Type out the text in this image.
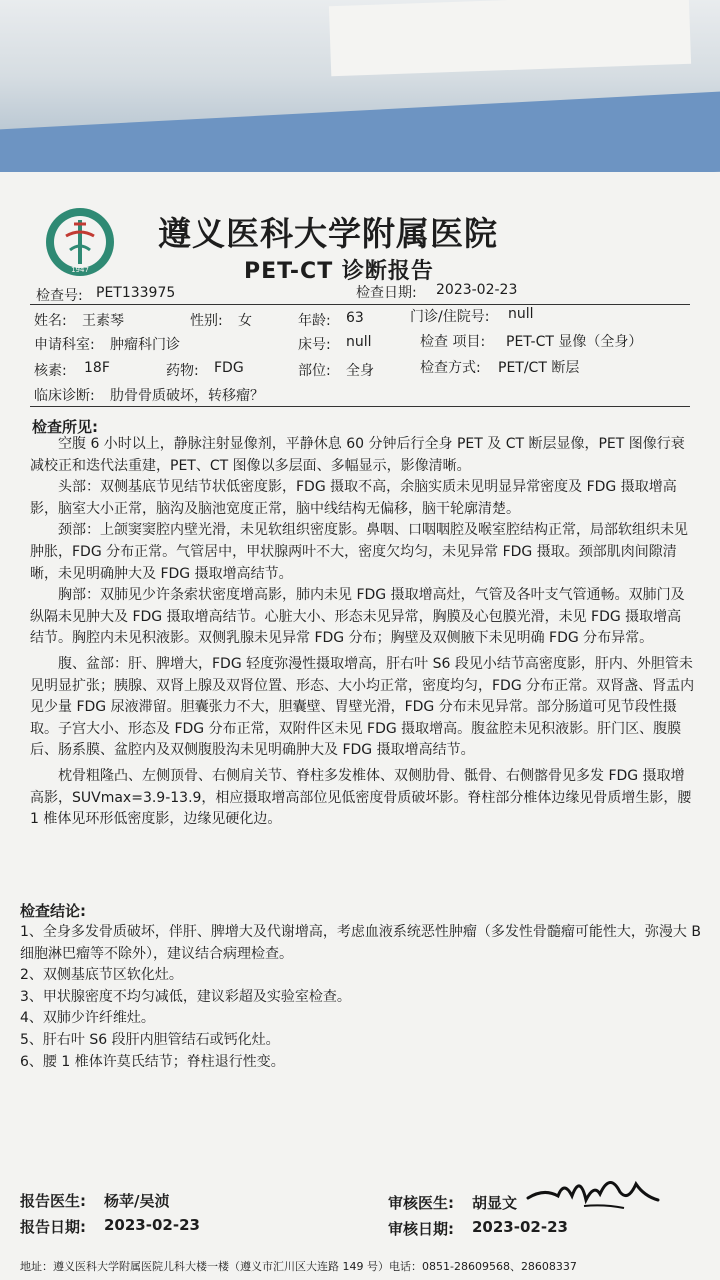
1947
遵义医科大学附属医院
PET-CT 诊断报告
检查号: PET133975	检查日期: 2023-02-23
姓名: 王素琴	性别: 女	年龄: 63	门诊/住院号: null
申请科室: 肿瘤科门诊	床号: null	检查 项目: PET-CT 显像（全身）
核素: 18F	药物: FDG	部位: 全身	检查方式: PET/CT 断层
临床诊断: 肋骨骨质破坏，转移瘤？
检查所见:

空腹 6 小时以上，静脉注射显像剂，平静休息 60 分钟后行全身 PET 及 CT 断层显像，PET 图像行衰减校正和迭代法重建，PET、CT 图像以多层面、多幅显示，影像清晰。

头部：双侧基底节见结节状低密度影，FDG 摄取不高，余脑实质未见明显异常密度及 FDG 摄取增高影，脑室大小正常，脑沟及脑池宽度正常，脑中线结构无偏移，脑干轮廓清楚。

颈部：上颌窦窦腔内壁光滑，未见软组织密度影。鼻咽、口咽咽腔及喉室腔结构正常，局部软组织未见肿胀，FDG 分布正常。气管居中，甲状腺两叶不大，密度欠均匀，未见异常 FDG 摄取。颈部肌肉间隙清晰，未见明确肿大及 FDG 摄取增高结节。

胸部：双肺见少许条索状密度增高影，肺内未见 FDG 摄取增高灶，气管及各叶支气管通畅。双肺门及纵隔未见肿大及 FDG 摄取增高结节。心脏大小、形态未见异常，胸膜及心包膜光滑，未见 FDG 摄取增高结节。胸腔内未见积液影。双侧乳腺未见异常 FDG 分布；胸壁及双侧腋下未见明确 FDG 分布异常。

腹、盆部：肝、脾增大，FDG 轻度弥漫性摄取增高，肝右叶 S6 段见小结节高密度影，肝内、外胆管未见明显扩张；胰腺、双肾上腺及双肾位置、形态、大小均正常，密度均匀，FDG 分布正常。双肾盏、肾盂内见少量 FDG 尿液滞留。胆囊张力不大，胆囊壁、胃壁光滑，FDG 分布未见异常。部分肠道可见节段性摄取。子宫大小、形态及 FDG 分布正常，双附件区未见 FDG 摄取增高。腹盆腔未见积液影。肝门区、腹膜后、肠系膜、盆腔内及双侧腹股沟未见明确肿大及 FDG 摄取增高结节。

枕骨粗隆凸、左侧顶骨、右侧肩关节、脊柱多发椎体、双侧肋骨、骶骨、右侧髂骨见多发 FDG 摄取增高影，SUVmax=3.9-13.9，相应摄取增高部位见低密度骨质破坏影。脊柱部分椎体边缘见骨质增生影，腰 1 椎体见环形低密度影，边缘见硬化边。

检查结论:

1、全身多发骨质破坏，伴肝、脾增大及代谢增高，考虑血液系统恶性肿瘤（多发性骨髓瘤可能性大，弥漫大 B 细胞淋巴瘤等不除外），建议结合病理检查。

2、双侧基底节区软化灶。

3、甲状腺密度不均匀减低，建议彩超及实验室检查。

4、双肺少许纤维灶。

5、肝右叶 S6 段肝内胆管结石或钙化灶。

6、腰 1 椎体许莫氏结节；脊柱退行性变。

报告医生: 杨苹/吴浈
报告日期: 2023-02-23
审核医生: 胡显文
审核日期: 2023-02-23
地址：遵义医科大学附属医院儿科大楼一楼（遵义市汇川区大连路 149 号）电话：0851-28609568、28608337
